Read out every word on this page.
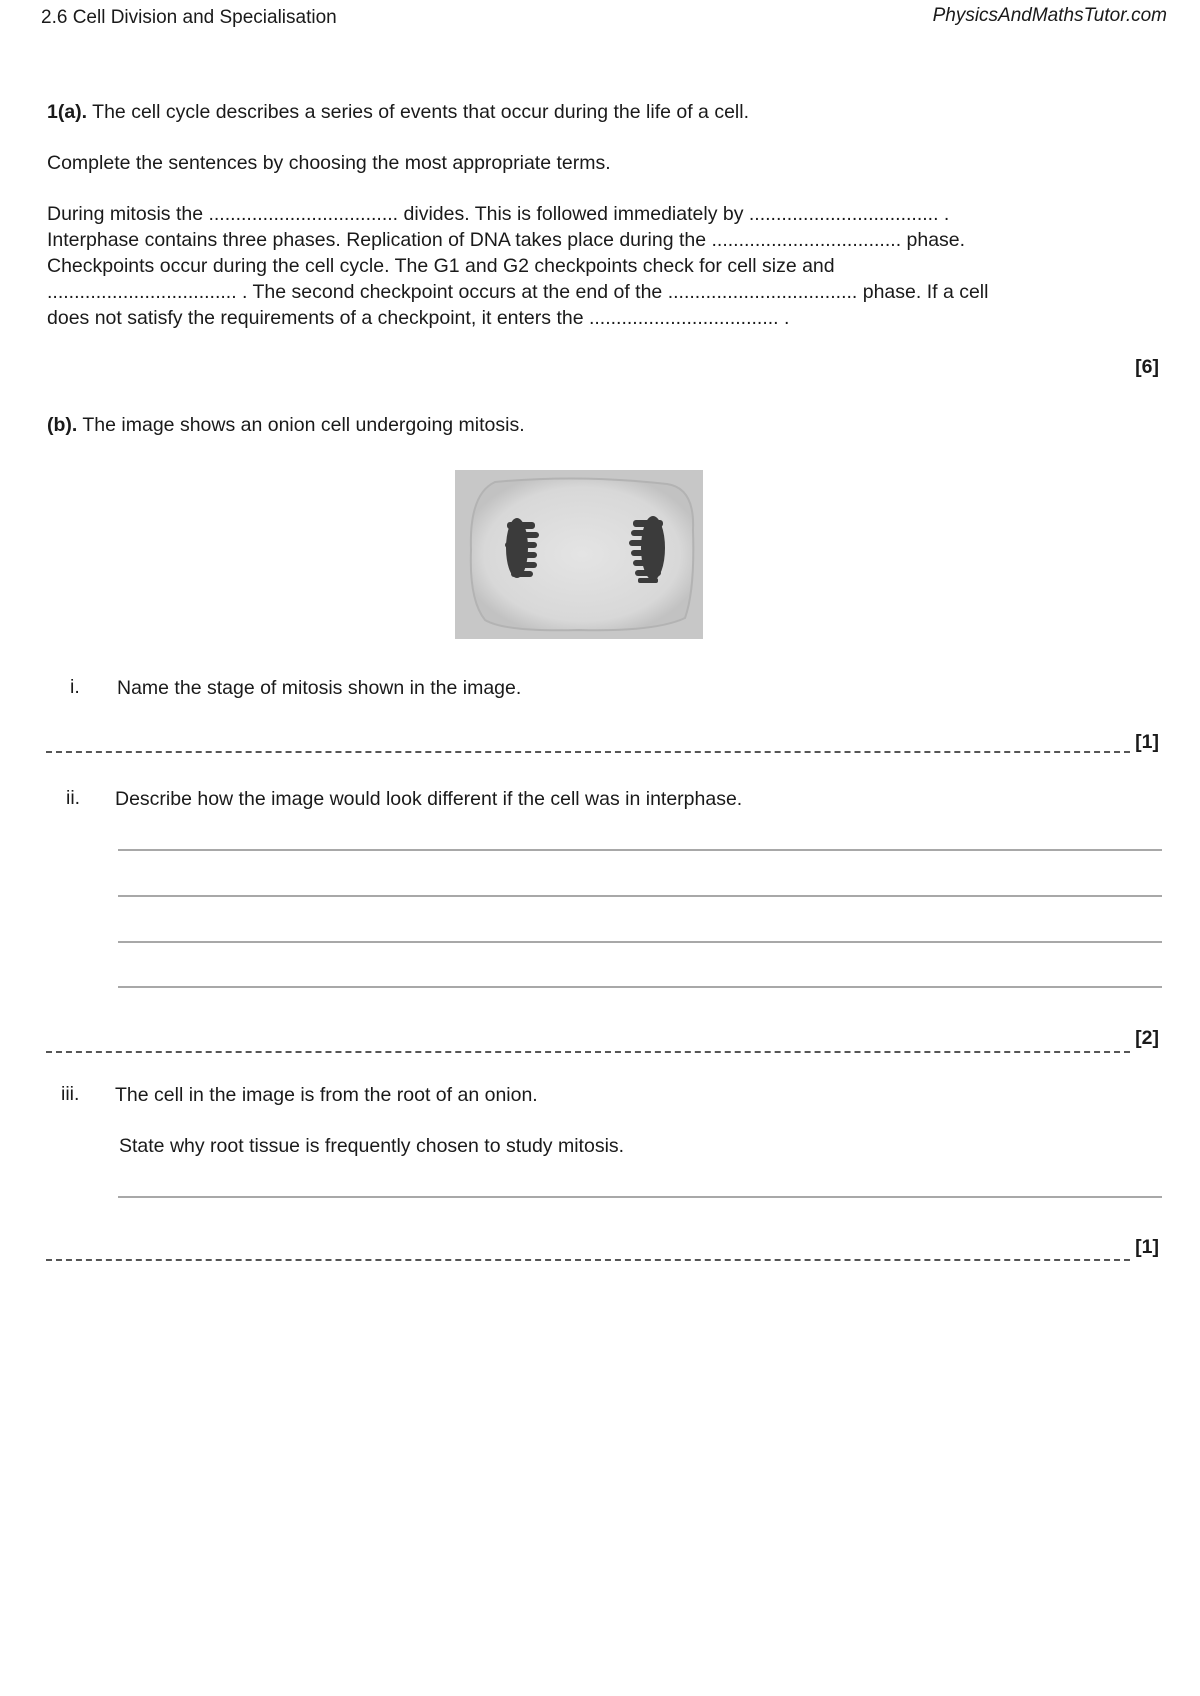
2.6 Cell Division and Specialisation	PhysicsAndMathsTutor.com
1(a). The cell cycle describes a series of events that occur during the life of a cell.
Complete the sentences by choosing the most appropriate terms.
During mitosis the ................................... divides. This is followed immediately by ................................... .
Interphase contains three phases. Replication of DNA takes place during the ................................... phase.
Checkpoints occur during the cell cycle. The G1 and G2 checkpoints check for cell size and
................................... . The second checkpoint occurs at the end of the ................................... phase. If a cell
does not satisfy the requirements of a checkpoint, it enters the ................................... .
[6]
(b). The image shows an onion cell undergoing mitosis.
i. Name the stage of mitosis shown in the image.
[1]
ii. Describe how the image would look different if the cell was in interphase.
[2]
iii. The cell in the image is from the root of an onion.
State why root tissue is frequently chosen to study mitosis.
[1]
